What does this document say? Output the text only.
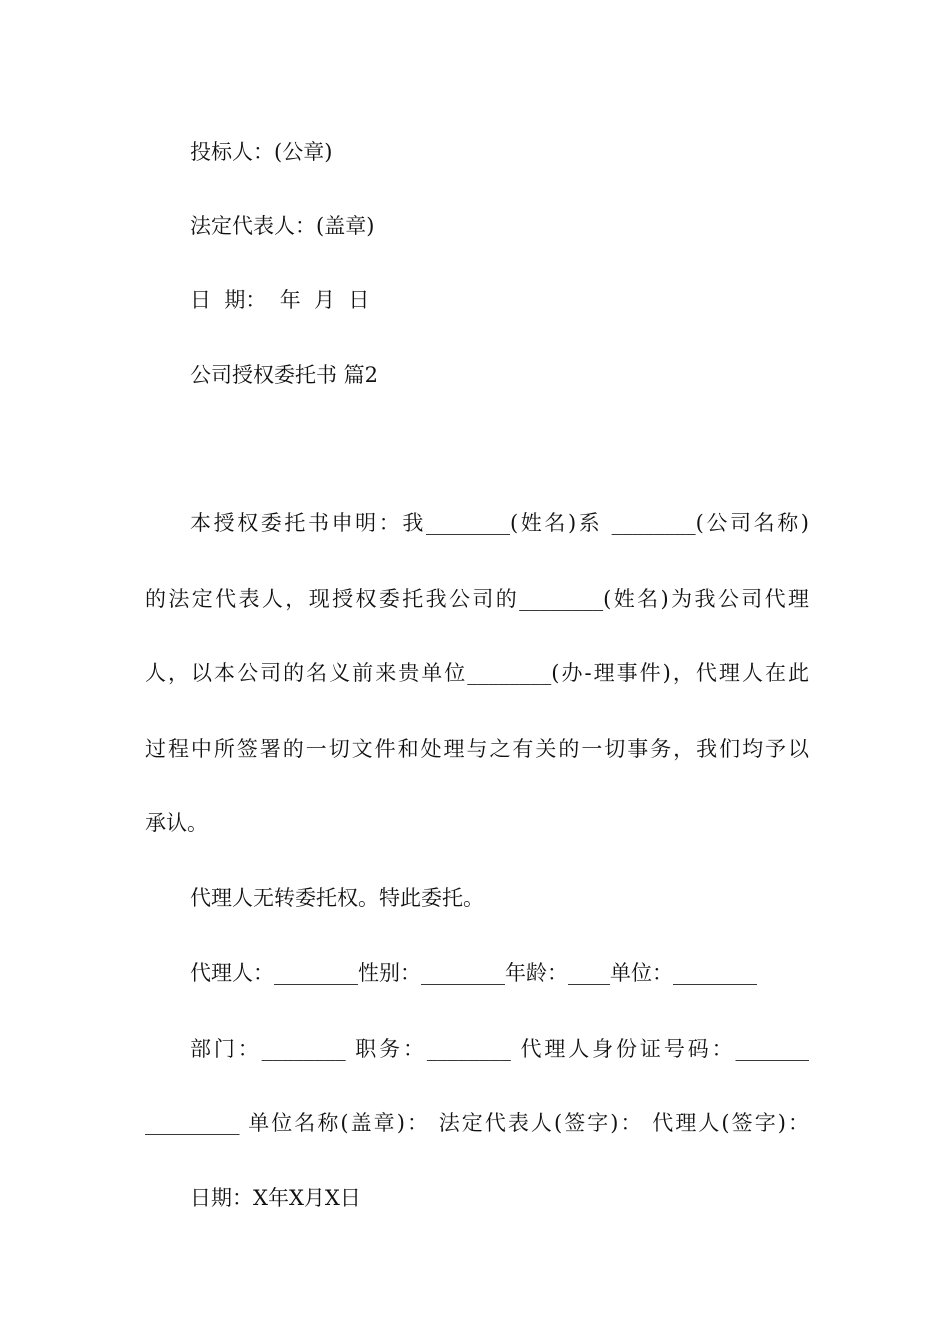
投标人：(公章)
法定代表人：(盖章)
日  期：  年  月  日
公司授权委托书 篇2
本授权委托书申明：我________(姓名)系 ________(公司名称)
的法定代表人，现授权委托我公司的________(姓名)为我公司代理
人，以本公司的名义前来贵单位________(办-理事件)，代理人在此
过程中所签署的一切文件和处理与之有关的一切事务，我们均予以
承认。
代理人无转委托权。特此委托。
代理人：________性别：________年龄：____单位：________
部门：________ 职务：________ 代理人身份证号码：_______
_________ 单位名称(盖章)： 法定代表人(签字)： 代理人(签字)：
日期：X年X月X日
